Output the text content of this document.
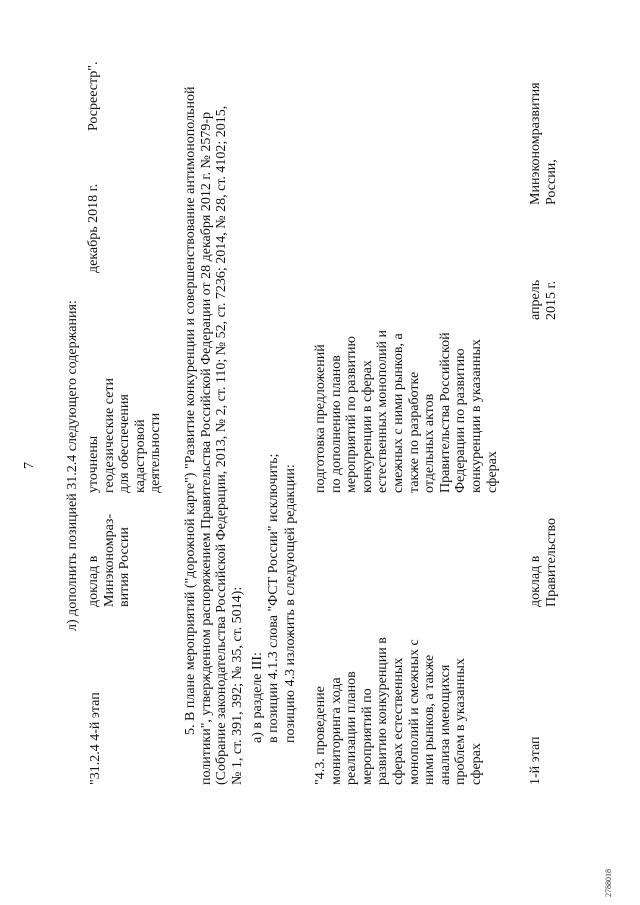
7 л) дополнить позицией 31.2.4 следующего содержания:
"31.2.4 4-й этап
доклад в Минэкономраз- вития России
уточнены геодезические сети для обеспечения кадастровой деятельности
декабрь 2018 г.
Росреестр".	5. В плане мероприятий ("дорожной карте") "Развитие конкуренции и совершенствование антимонопольной политики", утвержденном распоряжением Правительства Российской Федерации от 28 декабря 2012 г. № 2579-р (Собрание законодательства Российской Федерации, 2013, № 2, ст. 110; № 52, ст. 7236; 2014, № 28, ст. 4102; 2015, № 1, ст. 391, 392; № 35, ст. 5014): а) в разделе III: в позиции 4.1.3 слова "ФСТ России" исключить; позицию 4.3 изложить в следующей редакции: "4.3. проведение мониторинга хода реализации планов мероприятий по развитию конкуренции в сферах естественных монополий и смежных с ними рынков, а также анализа имеющихся проблем в указанных сферах
подготовка предложений по дополнению планов мероприятий по развитию конкуренции в сферах естественных монополий и смежных с ними рынков, а также по разработке отдельных актов Правительства Российской Федерации по развитию конкуренции в указанных сферах
1-й этап
доклад в Правительство
апрель 2015 г.
Минэкономразвития России,
2788018
